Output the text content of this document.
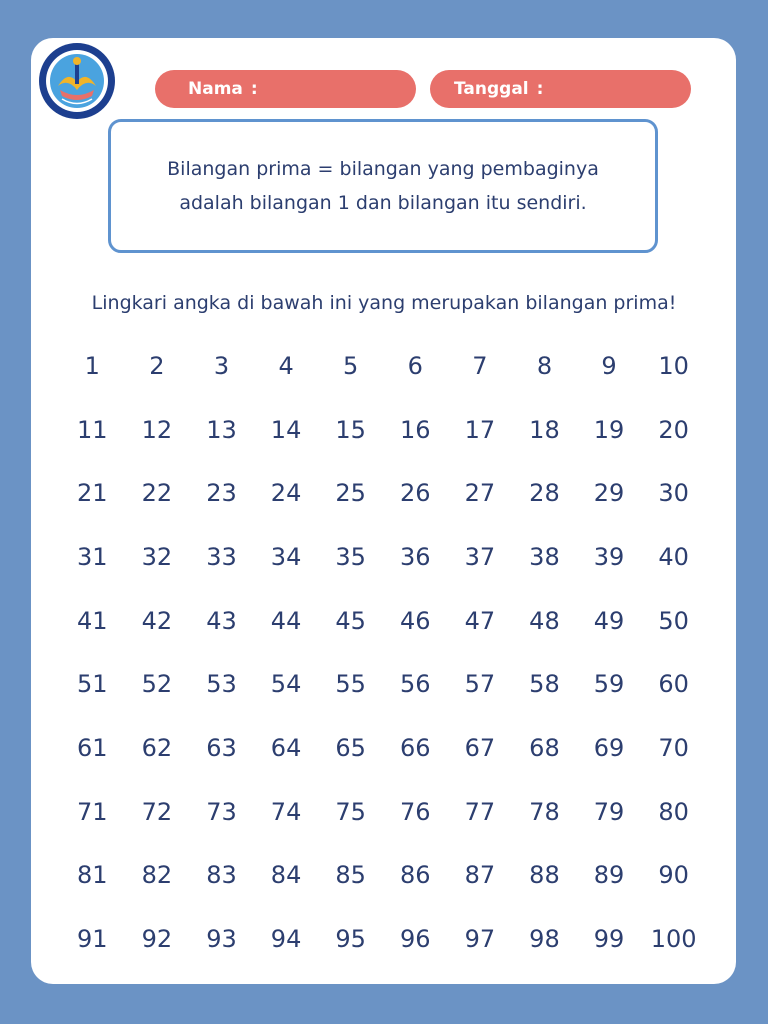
Nama :	Tanggal :
Bilangan prima = bilangan yang pembaginya
adalah bilangan 1 dan bilangan itu sendiri.
Lingkari angka di bawah ini yang merupakan bilangan prima!
1	2	3	4	5	6	7	8	9	10
11	12	13	14	15	16	17	18	19	20
21	22	23	24	25	26	27	28	29	30
31	32	33	34	35	36	37	38	39	40
41	42	43	44	45	46	47	48	49	50
51	52	53	54	55	56	57	58	59	60
61	62	63	64	65	66	67	68	69	70
71	72	73	74	75	76	77	78	79	80
81	82	83	84	85	86	87	88	89	90
91	92	93	94	95	96	97	98	99	100
